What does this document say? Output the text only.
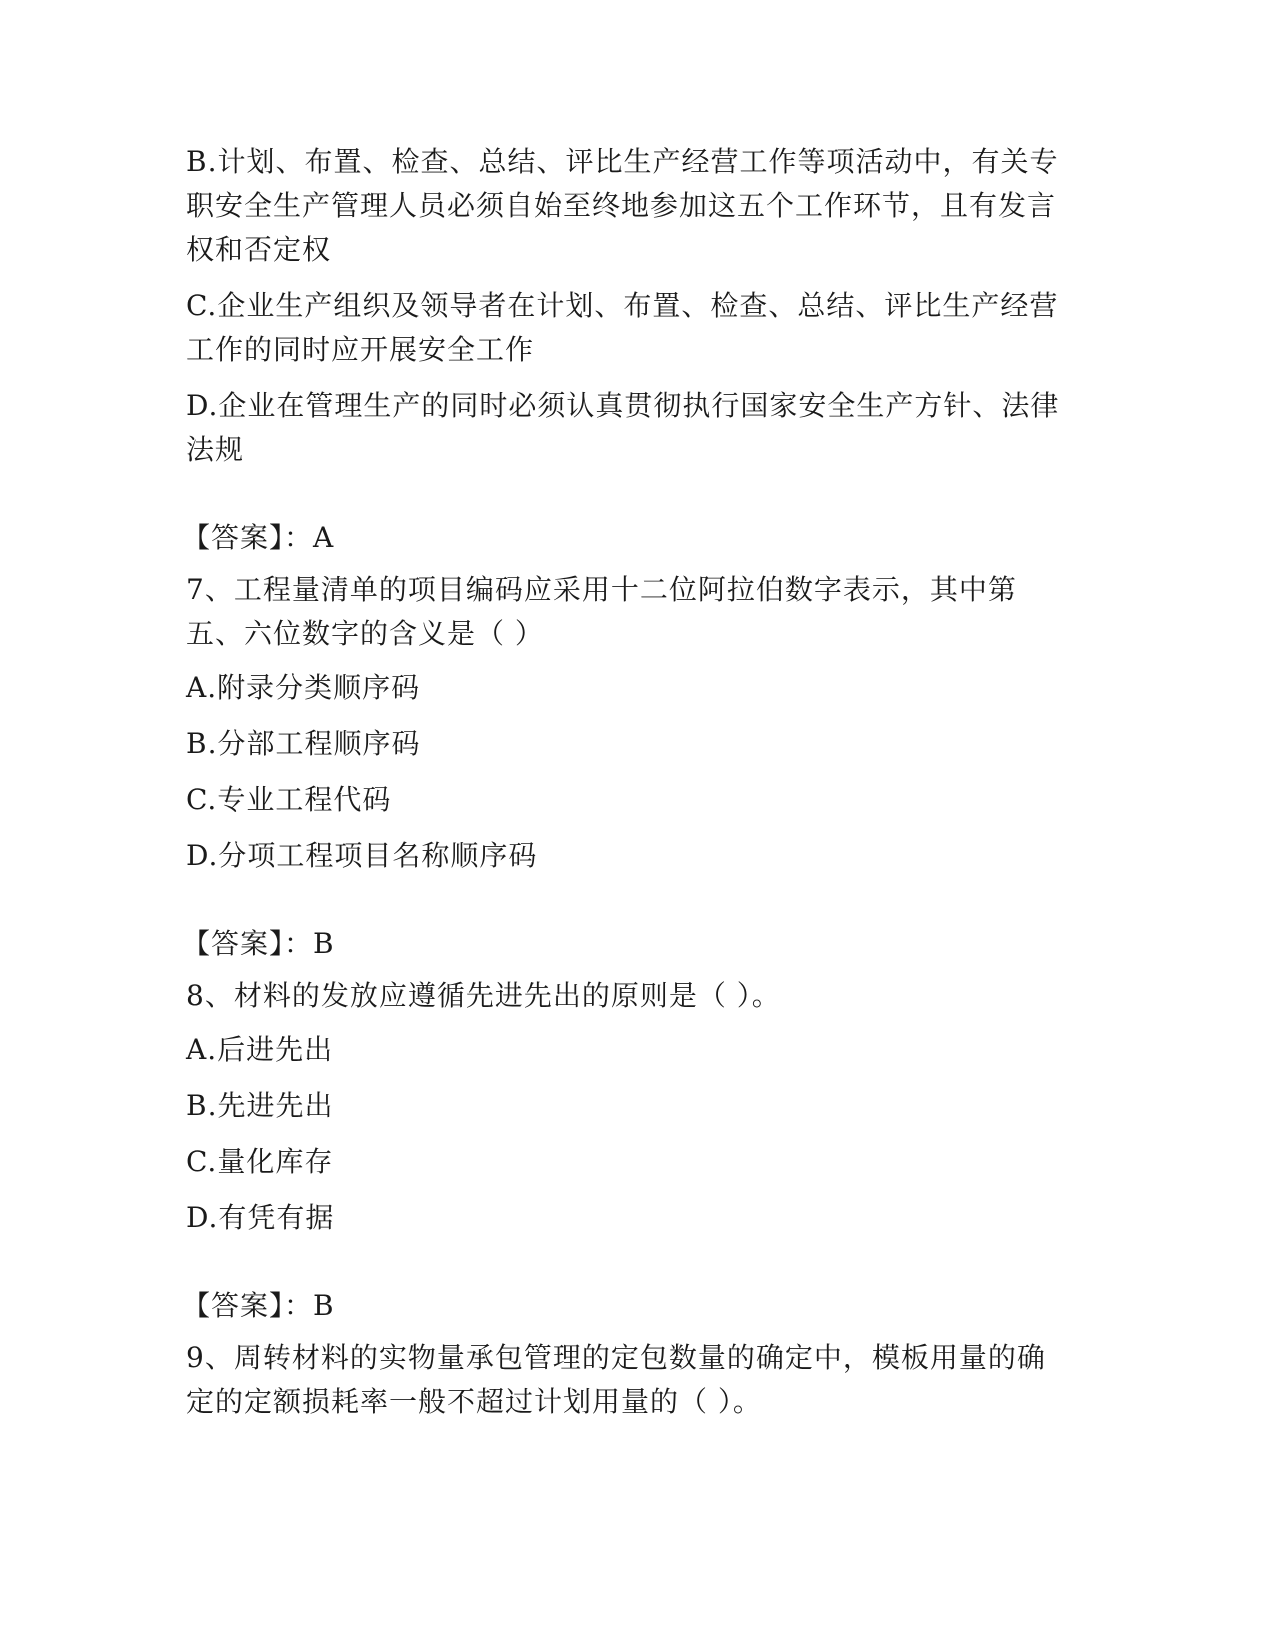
B.计划、布置、检查、总结、评比生产经营工作等项活动中，有关专职安全生产管理人员必须自始至终地参加这五个工作环节，且有发言权和否定权

C.企业生产组织及领导者在计划、布置、检查、总结、评比生产经营工作的同时应开展安全工作

D.企业在管理生产的同时必须认真贯彻执行国家安全生产方针、法律法规

【答案】：A

7、工程量清单的项目编码应采用十二位阿拉伯数字表示，其中第五、六位数字的含义是（ ）

A.附录分类顺序码

B.分部工程顺序码

C.专业工程代码

D.分项工程项目名称顺序码

【答案】：B

8、材料的发放应遵循先进先出的原则是（ ）。

A.后进先出

B.先进先出

C.量化库存

D.有凭有据

【答案】：B

9、周转材料的实物量承包管理的定包数量的确定中，模板用量的确定的定额损耗率一般不超过计划用量的（ ）。
